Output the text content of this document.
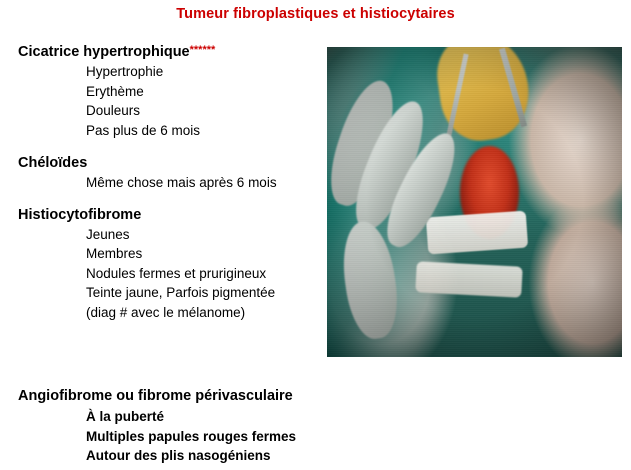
Tumeur fibroplastiques et histiocytaires
Cicatrice hypertrophique******
Hypertrophie
Erythème
Douleurs
Pas plus de 6 mois
Chéloïdes
Même chose mais après 6 mois
Histiocytofibrome
Jeunes
Membres
Nodules fermes et prurigineux
Teinte jaune, Parfois pigmentée
(diag # avec le mélanome)
Angiofibrome ou fibrome périvasculaire
À la puberté
Multiples papules rouges fermes
Autour des plis nasogéniens
